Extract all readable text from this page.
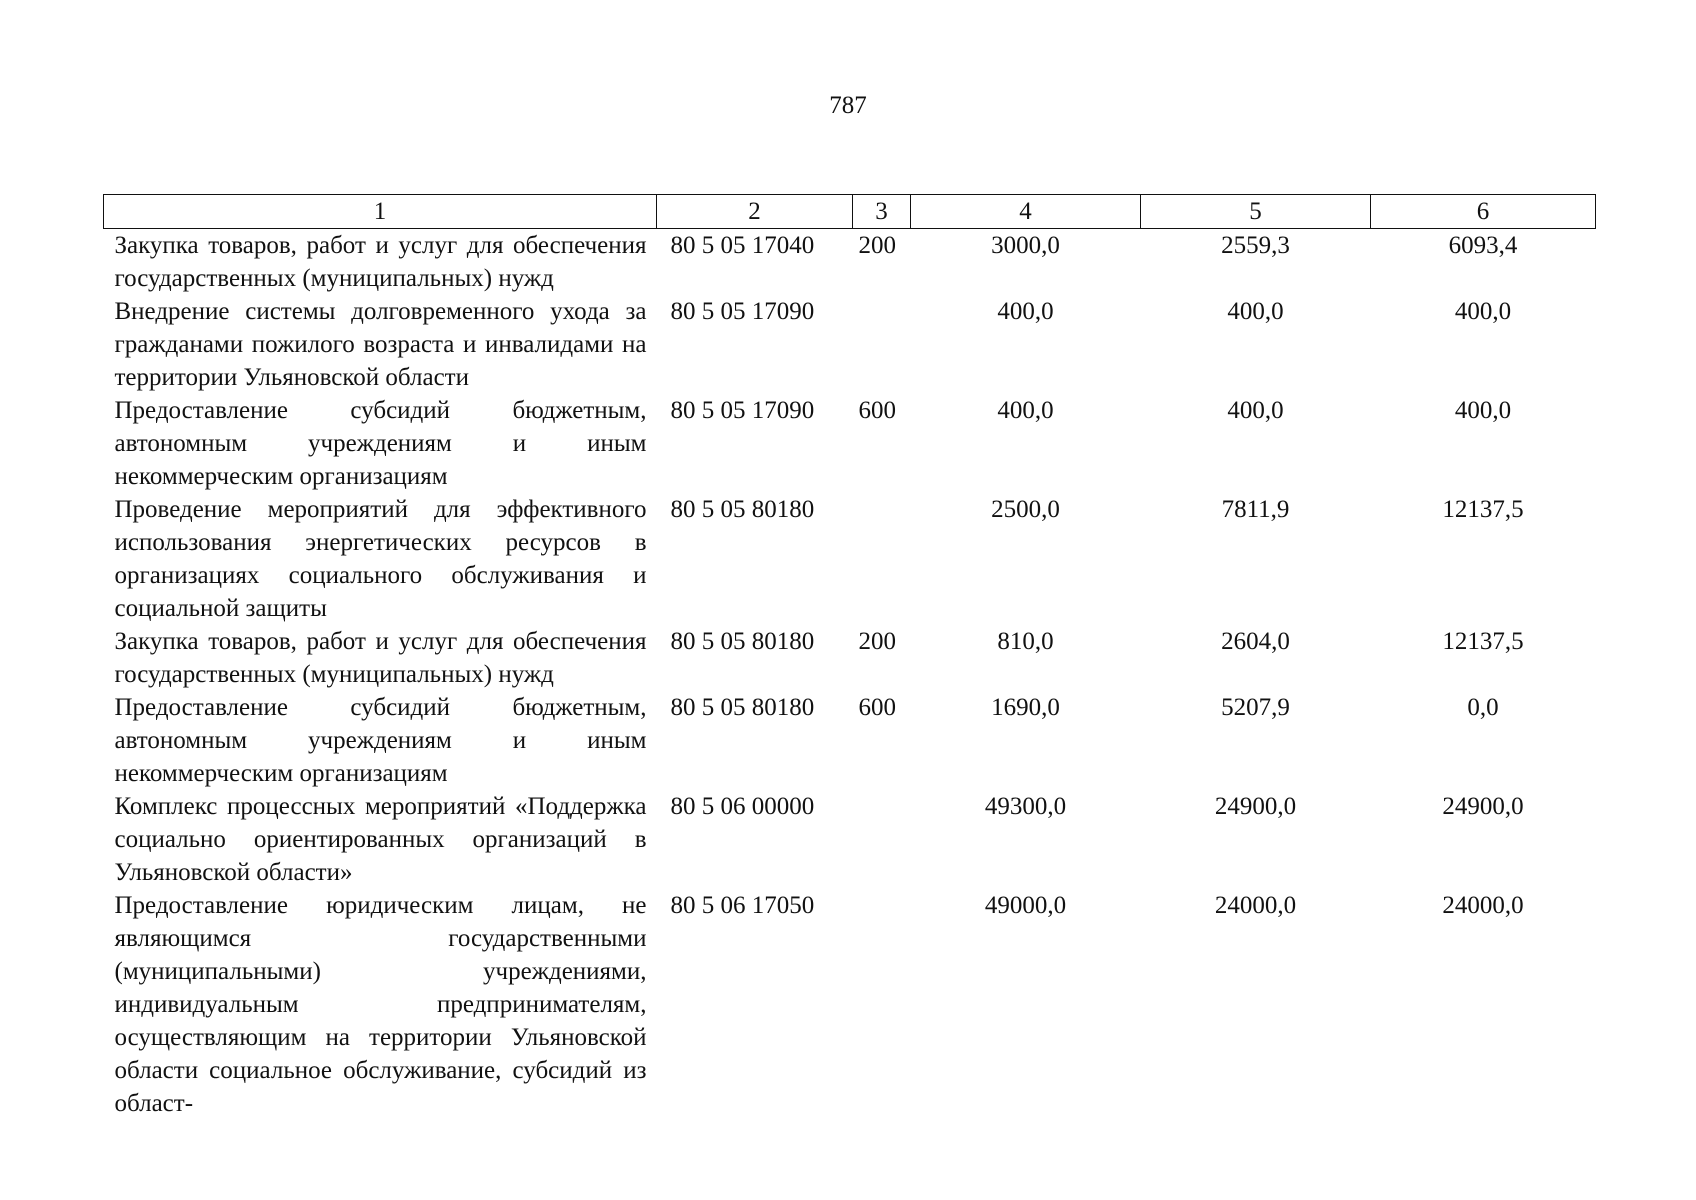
787
1	2	3	4	5	6
Закупка товаров, работ и услуг для обеспечения государственных (муниципальных) нужд	80 5 05 17040	200	3000,0	2559,3	6093,4
Внедрение системы долговременного ухода за гражданами пожилого возраста и инвалидами на территории Ульяновской области	80 5 05 17090		400,0	400,0	400,0
Предоставление субсидий бюджетным, автономным учреждениям и иным некоммерческим организациям	80 5 05 17090	600	400,0	400,0	400,0
Проведение мероприятий для эффективного использования энергетических ресурсов в организациях социального обслуживания и социальной защиты	80 5 05 80180		2500,0	7811,9	12137,5
Закупка товаров, работ и услуг для обеспечения государственных (муниципальных) нужд	80 5 05 80180	200	810,0	2604,0	12137,5
Предоставление субсидий бюджетным, автономным учреждениям и иным некоммерческим организациям	80 5 05 80180	600	1690,0	5207,9	0,0
Комплекс процессных мероприятий «Поддержка социально ориентированных организаций в Ульяновской области»	80 5 06 00000		49300,0	24900,0	24900,0
Предоставление юридическим лицам, не являющимся государственными (муниципальными) учреждениями, индивидуальным предпринимателям, осуществляющим на территории Ульяновской области социальное обслуживание, субсидий из област-	80 5 06 17050		49000,0	24000,0	24000,0
